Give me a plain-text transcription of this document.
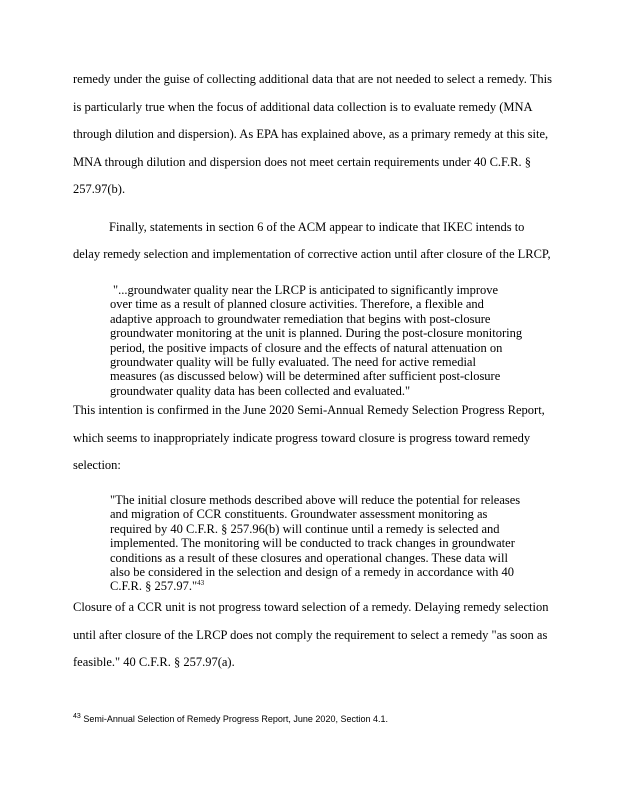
remedy under the guise of collecting additional data that are not needed to select a remedy. This
is particularly true when the focus of additional data collection is to evaluate remedy (MNA
through dilution and dispersion). As EPA has explained above, as a primary remedy at this site,
MNA through dilution and dispersion does not meet certain requirements under 40 C.F.R. §
257.97(b).
Finally, statements in section 6 of the ACM appear to indicate that IKEC intends to
delay remedy selection and implementation of corrective action until after closure of the LRCP,
"...groundwater quality near the LRCP is anticipated to significantly improve
over time as a result of planned closure activities. Therefore, a flexible and
adaptive approach to groundwater remediation that begins with post-closure
groundwater monitoring at the unit is planned. During the post-closure monitoring
period, the positive impacts of closure and the effects of natural attenuation on
groundwater quality will be fully evaluated. The need for active remedial
measures (as discussed below) will be determined after sufficient post-closure
groundwater quality data has been collected and evaluated."
This intention is confirmed in the June 2020 Semi-Annual Remedy Selection Progress Report,
which seems to inappropriately indicate progress toward closure is progress toward remedy
selection:
"The initial closure methods described above will reduce the potential for releases
and migration of CCR constituents. Groundwater assessment monitoring as
required by 40 C.F.R. § 257.96(b) will continue until a remedy is selected and
implemented. The monitoring will be conducted to track changes in groundwater
conditions as a result of these closures and operational changes. These data will
also be considered in the selection and design of a remedy in accordance with 40
C.F.R. § 257.97."$^{43}$
Closure of a CCR unit is not progress toward selection of a remedy. Delaying remedy selection
until after closure of the LRCP does not comply the requirement to select a remedy "as soon as
feasible." 40 C.F.R. § 257.97(a).
$^{43}$ Semi-Annual Selection of Remedy Progress Report, June 2020, Section 4.1.
